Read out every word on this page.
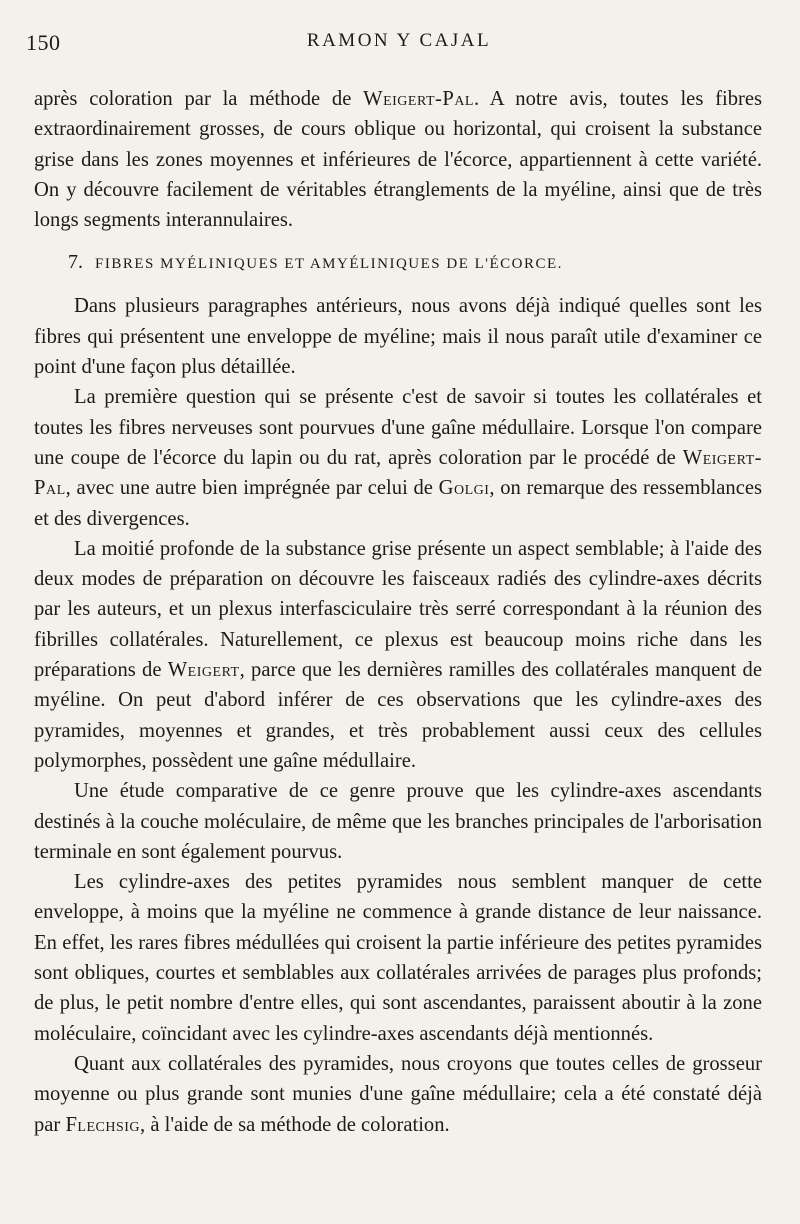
150	RAMON Y CAJAL

après coloration par la méthode de Weigert-Pal. A notre avis, toutes les fibres extraordinairement grosses, de cours oblique ou horizontal, qui croisent la substance grise dans les zones moyennes et inférieures de l'écorce, appartiennent à cette variété. On y découvre facilement de véritables étranglements de la myéline, ainsi que de très longs segments interannulaires.

7. FIBRES MYÉLINIQUES ET AMYÉLINIQUES DE L'ÉCORCE.

Dans plusieurs paragraphes antérieurs, nous avons déjà indiqué quelles sont les fibres qui présentent une enveloppe de myéline; mais il nous paraît utile d'examiner ce point d'une façon plus détaillée.

La première question qui se présente c'est de savoir si toutes les collatérales et toutes les fibres nerveuses sont pourvues d'une gaîne médullaire. Lorsque l'on compare une coupe de l'écorce du lapin ou du rat, après coloration par le procédé de Weigert-Pal, avec une autre bien imprégnée par celui de Golgi, on remarque des ressemblances et des divergences.

La moitié profonde de la substance grise présente un aspect semblable; à l'aide des deux modes de préparation on découvre les faisceaux radiés des cylindre-axes décrits par les auteurs, et un plexus interfasciculaire très serré correspondant à la réunion des fibrilles collatérales. Naturellement, ce plexus est beaucoup moins riche dans les préparations de Weigert, parce que les dernières ramilles des collatérales manquent de myéline. On peut d'abord inférer de ces observations que les cylindre-axes des pyramides, moyennes et grandes, et très probablement aussi ceux des cellules polymorphes, possèdent une gaîne médullaire.

Une étude comparative de ce genre prouve que les cylindre-axes ascendants destinés à la couche moléculaire, de même que les branches principales de l'arborisation terminale en sont également pourvus.

Les cylindre-axes des petites pyramides nous semblent manquer de cette enveloppe, à moins que la myéline ne commence à grande distance de leur naissance. En effet, les rares fibres médullées qui croisent la partie inférieure des petites pyramides sont obliques, courtes et semblables aux collatérales arrivées de parages plus profonds; de plus, le petit nombre d'entre elles, qui sont ascendantes, paraissent aboutir à la zone moléculaire, coïncidant avec les cylindre-axes ascendants déjà mentionnés.

Quant aux collatérales des pyramides, nous croyons que toutes celles de grosseur moyenne ou plus grande sont munies d'une gaîne médullaire; cela a été constaté déjà par Flechsig, à l'aide de sa méthode de coloration.
